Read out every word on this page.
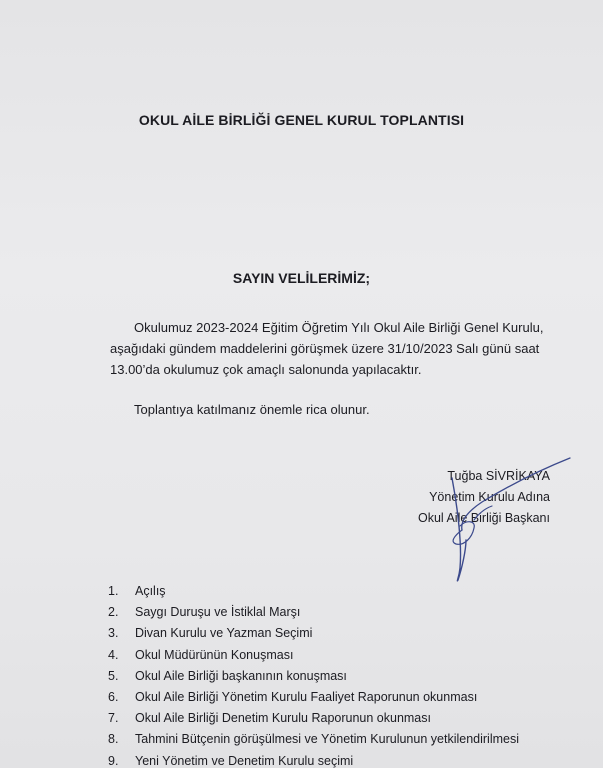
OKUL AİLE BİRLİĞİ GENEL KURUL TOPLANTISI
SAYIN VELİLERİMİZ;
Okulumuz 2023-2024 Eğitim Öğretim Yılı Okul Aile Birliği Genel Kurulu,
aşağıdaki gündem maddelerini görüşmek üzere 31/10/2023 Salı günü saat
13.00’da okulumuz çok amaçlı salonunda yapılacaktır.
Toplantıya katılmanız önemle rica olunur.
Tuğba SİVRİKAYA
Yönetim Kurulu Adına
Okul Aile Birliği Başkanı
1. Açılış
2. Saygı Duruşu ve İstiklal Marşı
3. Divan Kurulu ve Yazman Seçimi
4. Okul Müdürünün Konuşması
5. Okul Aile Birliği başkanının konuşması
6. Okul Aile Birliği Yönetim Kurulu Faaliyet Raporunun okunması
7. Okul Aile Birliği Denetim Kurulu Raporunun okunması
8. Tahmini Bütçenin görüşülmesi ve Yönetim Kurulunun yetkilendirilmesi
9. Yeni Yönetim ve Denetim Kurulu seçimi
